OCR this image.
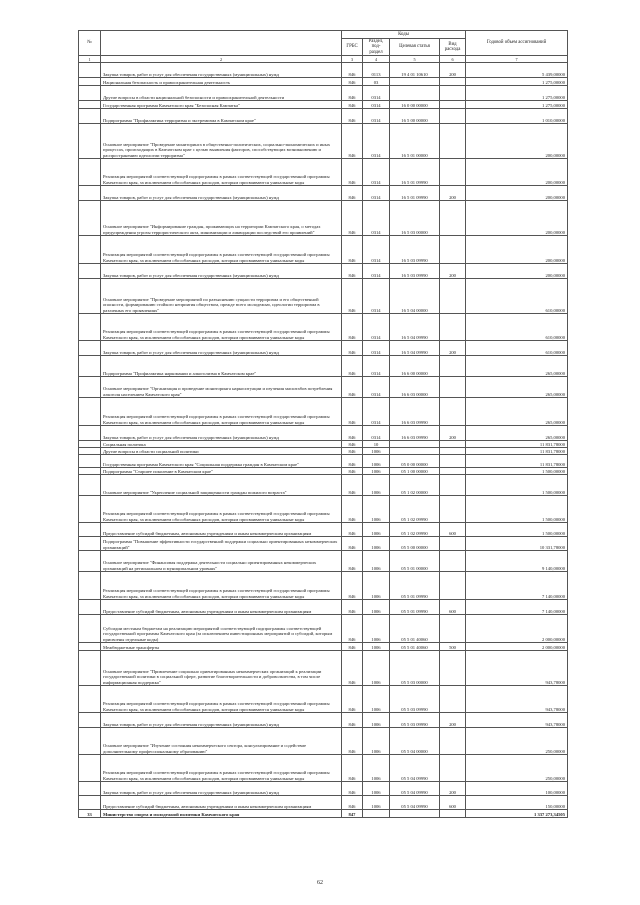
№		Коды				Годовой объем ассигнований
		ГРБС	Раздел, под-раздел	Целевая статья	Вид расхода	
1	2	3	4	5	6	7
	Закупка товаров, работ и услуг для обеспечения государственных (муниципальных) нужд	846	0113	19 4 01 10610	200	5 439,00000
	Национальная безопасность и правоохранительная деятельность	846	03			1 275,00000
	Другие вопросы в области национальной безопасности и правоохранительной деятельности	846	0314			1 275,00000
	Государственная программа Камчатского края "Безопасная Камчатка"	846	0314	16 0 00 00000		1 275,00000
	Подпрограмма "Профилактика терроризма и экстремизма в Камчатском крае"	846	0314	16 5 00 00000		1 010,00000
	Основное мероприятие "Проведение мониторинга в общественно-политических, социально-экономических и иных процессах, происходящих в Камчатском крае с целью выявления факторов, способствующих возникновению и распространению идеологии терроризма"	846	0314	16 5 01 00000		200,00000
	Реализация мероприятий соответствующей подпрограммы в рамках соответствующей государственной программы Камчатского края, за исключением обособленных расходов, которым присваиваются уникальные коды	846	0314	16 5 01 09990		200,00000
	Закупка товаров, работ и услуг для обеспечения государственных (муниципальных) нужд	846	0314	16 5 01 09990	200	200,00000
	Основное мероприятие "Информирование граждан, проживающих на территории Камчатского края, о методах предупреждения угрозы террористического акта, минимизации и ликвидации последствий его проявлений"	846	0314	16 5 03 00000		200,00000
	Реализация мероприятий соответствующей подпрограммы в рамках соответствующей государственной программы Камчатского края, за исключением обособленных расходов, которым присваиваются уникальные коды	846	0314	16 5 03 09990		200,00000
	Закупка товаров, работ и услуг для обеспечения государственных (муниципальных) нужд	846	0314	16 5 03 09990	200	200,00000
	Основное мероприятие "Проведение мероприятий по разъяснению сущности терроризма и его общественной опасности, формированию стойкого неприятия обществом, прежде всего молодежью, идеологии терроризма в различных его проявлениях"	846	0314	16 5 04 00000		610,00000
	Реализация мероприятий соответствующей подпрограммы в рамках соответствующей государственной программы Камчатского края, за исключением обособленных расходов, которым присваиваются уникальные коды	846	0314	16 5 04 09990		610,00000
	Закупка товаров, работ и услуг для обеспечения государственных (муниципальных) нужд	846	0314	16 5 04 09990	200	610,00000
	Подпрограмма "Профилактика наркомании и алкоголизма в Камчатском крае"	846	0314	16 6 00 00000		265,00000
	Основное мероприятие "Организация и проведение мониторинга наркоситуации и изучения масштабов потребления алкоголя населением Камчатского края"	846	0314	16 6 03 00000		265,00000
	Реализация мероприятий соответствующей подпрограммы в рамках соответствующей государственной программы Камчатского края, за исключением обособленных расходов, которым присваиваются уникальные коды	846	0314	16 6 03 09990		265,00000
	Закупка товаров, работ и услуг для обеспечения государственных (муниципальных) нужд	846	0314	16 6 03 09990	200	265,00000
	Социальная политика	846	10			11 831,78000
	Другие вопросы в области социальной политики	846	1006			11 831,78000
	Государственная программа Камчатского края "Социальная поддержка граждан в Камчатском крае"	846	1006	05 0 00 00000		11 831,78000
	Подпрограмма "Старшее поколение в Камчатском крае"	846	1006	05 1 00 00000		1 500,00000
	Основное мероприятие "Укрепление социальной защищенности граждан пожилого возраста"	846	1006	05 1 02 00000		1 500,00000
	Реализация мероприятий соответствующей подпрограммы в рамках соответствующей государственной программы Камчатского края, за исключением обособленных расходов, которым присваиваются уникальные коды	846	1006	05 1 02 09990		1 500,00000
	Предоставление субсидий бюджетным, автономным учреждениям и иным некоммерческим организациям	846	1006	05 1 02 09990	600	1 500,00000
	Подпрограмма "Повышение эффективности государственной поддержки социально ориентированных некоммерческих организаций"	846	1006	05 5 00 00000		10 331,78000
	Основное мероприятие "Финансовая поддержка деятельности социально ориентированных некоммерческих организаций на региональном и муниципальном уровнях"	846	1006	05 5 01 00000		9 140,00000
	Реализация мероприятий соответствующей подпрограммы в рамках соответствующей государственной программы Камчатского края, за исключением обособленных расходов, которым присваиваются уникальные коды	846	1006	05 5 01 09990		7 140,00000
	Предоставление субсидий бюджетным, автономным учреждениям и иным некоммерческим организациям	846	1006	05 5 01 09990	600	7 140,00000
	Субсидии местным бюджетам на реализацию мероприятий соответствующей подпрограммы соответствующей государственной программы Камчатского края (за исключением инвестиционных мероприятий и субсидий, которым присвоены отдельные коды)	846	1006	05 5 01 40060		2 000,00000
	Межбюджетные трансферты	846	1006	05 5 01 40060	500	2 000,00000
	Основное мероприятие "Привлечение социально ориентированных некоммерческих организаций к реализации государственной политики в социальной сфере, развитие благотворительности и добровольчества, в том числе информационная поддержка"	846	1006	05 5 03 00000		943,78000
	Реализация мероприятий соответствующей подпрограммы в рамках соответствующей государственной программы Камчатского края, за исключением обособленных расходов, которым присваиваются уникальные коды	846	1006	05 5 03 09990		943,78000
	Закупка товаров, работ и услуг для обеспечения государственных (муниципальных) нужд	846	1006	05 5 03 09990	200	943,78000
	Основное мероприятие "Изучение состояния некоммерческого сектора, консультирование и содействие дополнительному профессиональному образованию"	846	1006	05 5 04 00000		250,00000
	Реализация мероприятий соответствующей подпрограммы в рамках соответствующей государственной программы Камчатского края, за исключением обособленных расходов, которым присваиваются уникальные коды	846	1006	05 5 04 09990		250,00000
	Закупка товаров, работ и услуг для обеспечения государственных (муниципальных) нужд	846	1006	05 5 04 09990	200	100,00000
	Предоставление субсидий бюджетным, автономным учреждениям и иным некоммерческим организациям	846	1006	05 5 04 09990	600	150,00000
33	Министерство спорта и молодежной политики Камчатского края	847				1 337 273,34505
62
